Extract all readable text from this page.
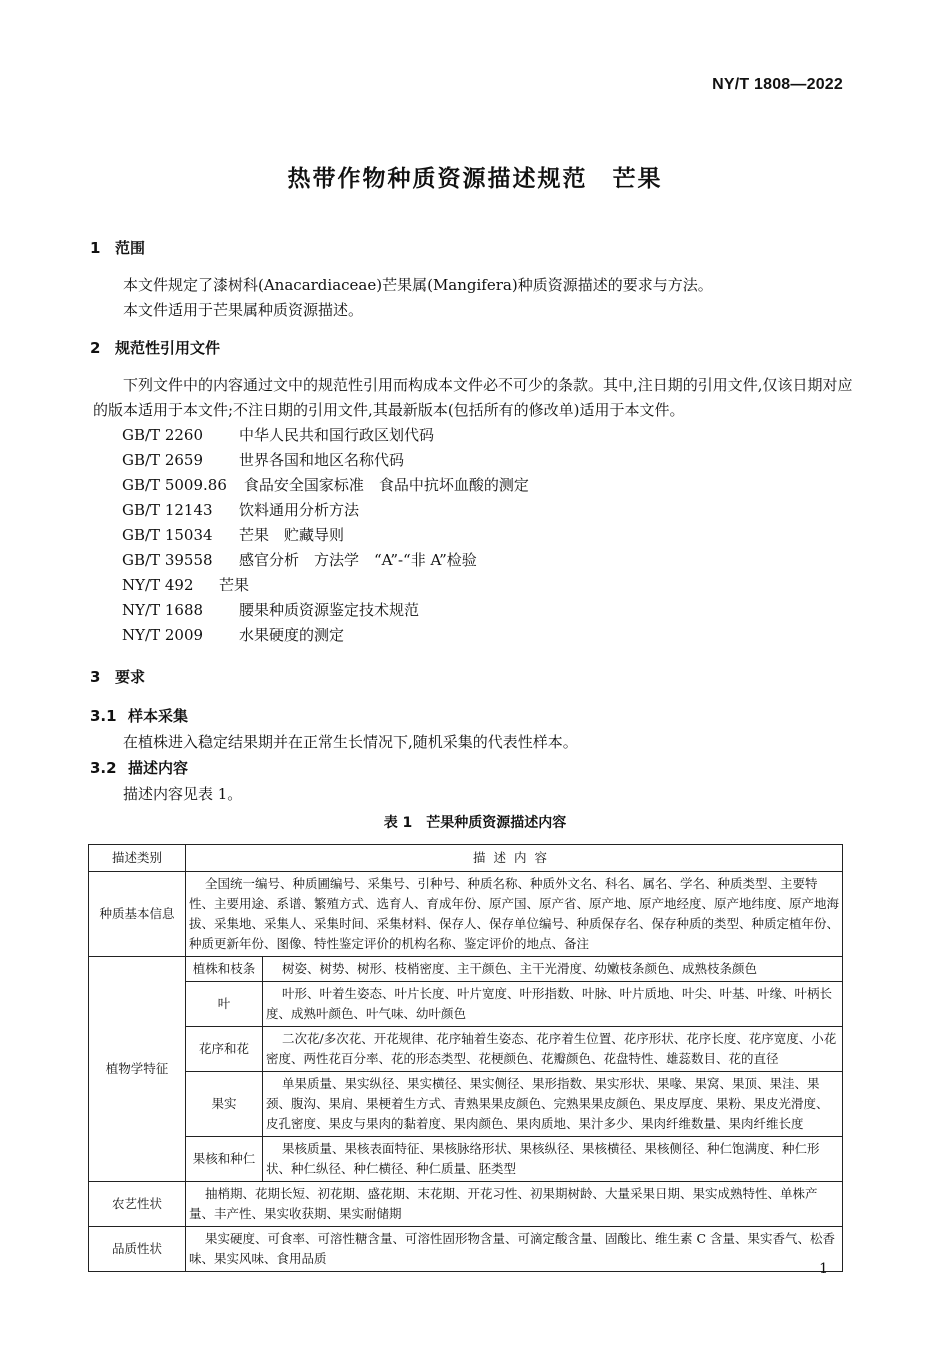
NY/T 1808—2022
热带作物种质资源描述规范　芒果
1 范围
本文件规定了漆树科(Anacardiaceae)芒果属(Mangifera)种质资源描述的要求与方法。
本文件适用于芒果属种质资源描述。
2 规范性引用文件
下列文件中的内容通过文中的规范性引用而构成本文件必不可少的条款。其中,注日期的引用文件,仅该日期对应的版本适用于本文件;不注日期的引用文件,其最新版本(包括所有的修改单)适用于本文件。
GB/T 2260　 中华人民共和国行政区划代码
GB/T 2659　 世界各国和地区名称代码
GB/T 5009.86　 食品安全国家标准　食品中抗坏血酸的测定
GB/T 12143　 饮料通用分析方法
GB/T 15034　 芒果　贮藏导则
GB/T 39558　 感官分析　方法学　“A”-“非 A”检验
NY/T 492　 芒果
NY/T 1688　 腰果种质资源鉴定技术规范
NY/T 2009　 水果硬度的测定
3 要求
3.1 样本采集
在植株进入稳定结果期并在正常生长情况下,随机采集的代表性样本。
3.2 描述内容
描述内容见表 1。
表 1　芒果种质资源描述内容
描述类别	描述内容	
种质基本信息	全国统一编号、种质圃编号、采集号、引种号、种质名称、种质外文名、科名、属名、学名、种质类型、主要特性、主要用途、系谱、繁殖方式、选育人、育成年份、原产国、原产省、原产地、原产地经度、原产地纬度、原产地海拔、采集地、采集人、采集时间、采集材料、保存人、保存单位编号、种质保存名、保存种质的类型、种质定植年份、种质更新年份、图像、特性鉴定评价的机构名称、鉴定评价的地点、备注	
植物学特征	植株和枝条	树姿、树势、树形、枝梢密度、主干颜色、主干光滑度、幼嫩枝条颜色、成熟枝条颜色
	叶	叶形、叶着生姿态、叶片长度、叶片宽度、叶形指数、叶脉、叶片质地、叶尖、叶基、叶缘、叶柄长度、成熟叶颜色、叶气味、幼叶颜色
	花序和花	二次花/多次花、开花规律、花序轴着生姿态、花序着生位置、花序形状、花序长度、花序宽度、小花密度、两性花百分率、花的形态类型、花梗颜色、花瓣颜色、花盘特性、雄蕊数目、花的直径
	果实	单果质量、果实纵径、果实横径、果实侧径、果形指数、果实形状、果喙、果窝、果顶、果洼、果颈、腹沟、果肩、果梗着生方式、青熟果果皮颜色、完熟果果皮颜色、果皮厚度、果粉、果皮光滑度、皮孔密度、果皮与果肉的黏着度、果肉颜色、果肉质地、果汁多少、果肉纤维数量、果肉纤维长度
	果核和种仁	果核质量、果核表面特征、果核脉络形状、果核纵径、果核横径、果核侧径、种仁饱满度、种仁形状、种仁纵径、种仁横径、种仁质量、胚类型
农艺性状	抽梢期、花期长短、初花期、盛花期、末花期、开花习性、初果期树龄、大量采果日期、果实成熟特性、单株产量、丰产性、果实收获期、果实耐储期	
品质性状	果实硬度、可食率、可溶性糖含量、可溶性固形物含量、可滴定酸含量、固酸比、维生素 C 含量、果实香气、松香味、果实风味、食用品质	
1
